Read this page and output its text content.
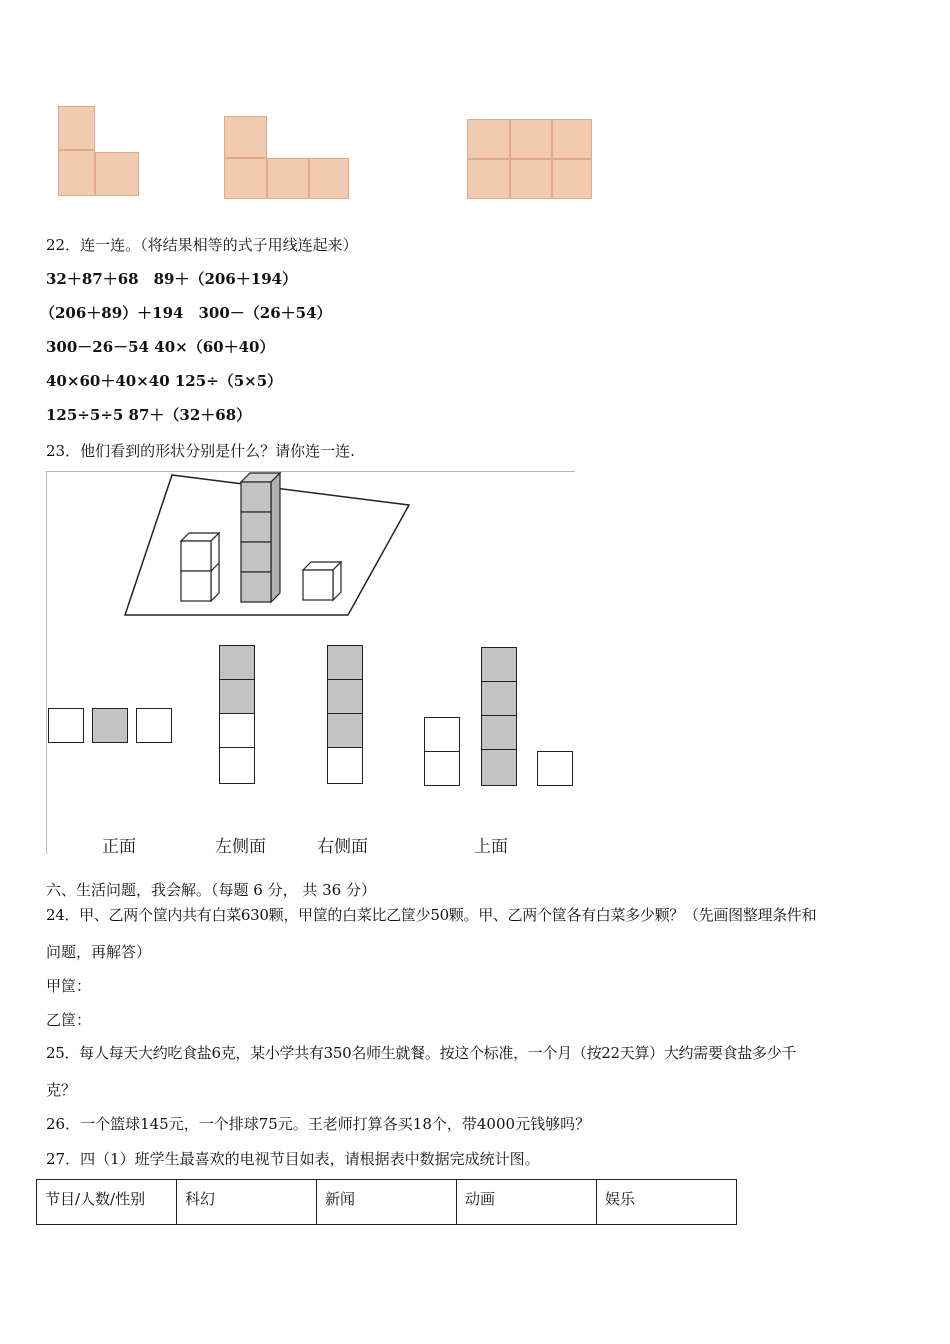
22．连一连。（将结果相等的式子用线连起来）
32＋87＋68　89＋（206＋194）
（206＋89）＋194　300－（26＋54）
300－26－54 40×（60＋40）
40×60＋40×40 125÷（5×5）
125÷5÷5 87＋（32＋68）
23．他们看到的形状分别是什么？请你连一连.
正面	左侧面	右侧面	上面
六、生活问题，我会解。（每题 6 分， 共 36 分）
24．甲、乙两个筐内共有白菜630颗，甲筐的白菜比乙筐少50颗。甲、乙两个筐各有白菜多少颗？（先画图整理条件和
问题，再解答）
甲筐：
乙筐：
25．每人每天大约吃食盐6克，某小学共有350名师生就餐。按这个标准，一个月（按22天算）大约需要食盐多少千
克？
26．一个篮球145元，一个排球75元。王老师打算各买18个，带4000元钱够吗？
27．四（1）班学生最喜欢的电视节目如表，请根据表中数据完成统计图。
节目/人数/性别	科幻	新闻	动画	娱乐
